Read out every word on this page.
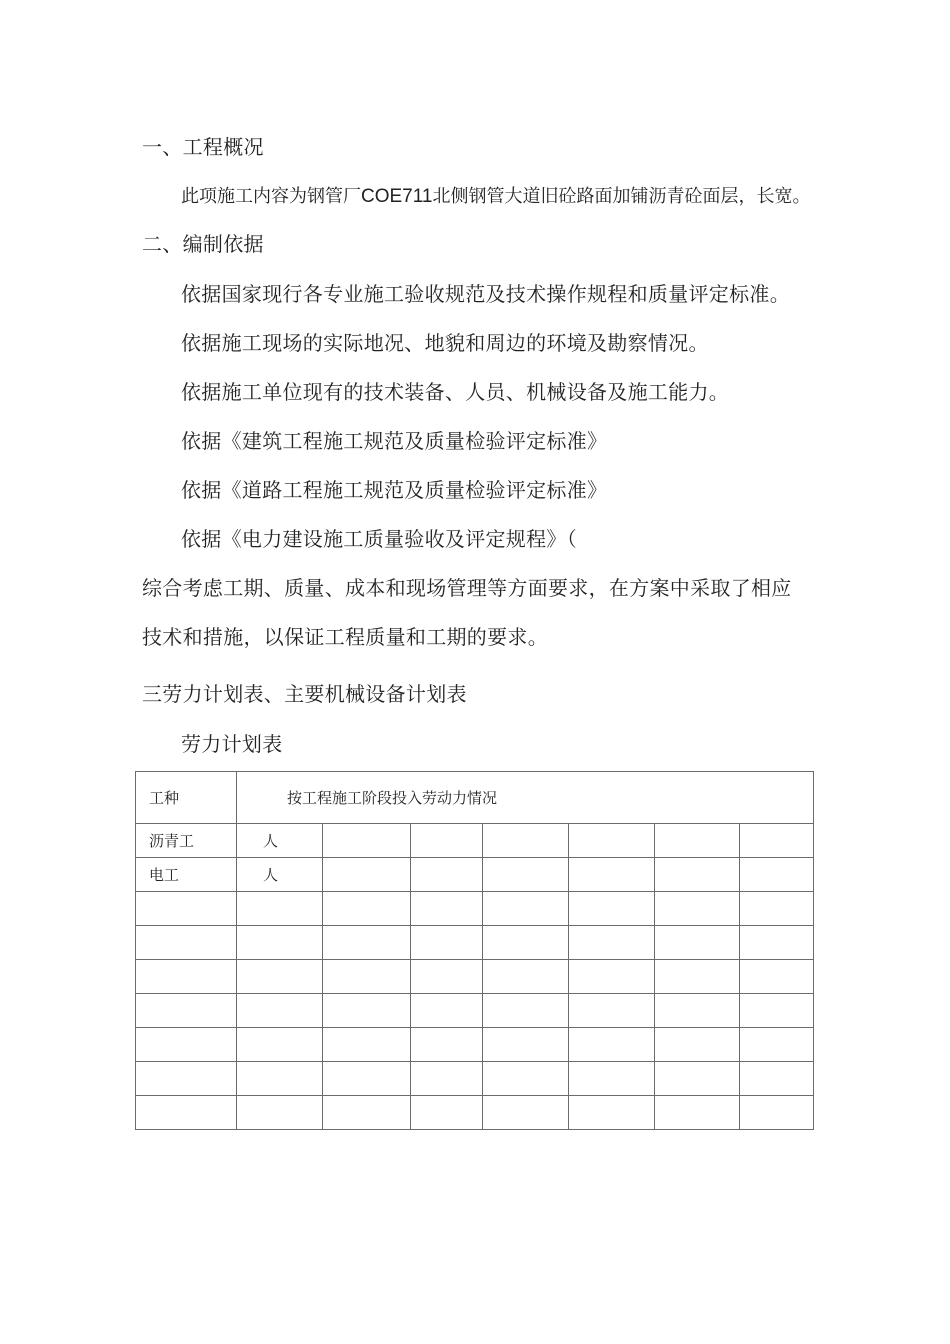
一、工程概况
此项施工内容为钢管厂COE711北侧钢管大道旧砼路面加铺沥青砼面层，长宽。
二、编制依据
依据国家现行各专业施工验收规范及技术操作规程和质量评定标准。
依据施工现场的实际地况、地貌和周边的环境及勘察情况。
依据施工单位现有的技术装备、人员、机械设备及施工能力。
依据《建筑工程施工规范及质量检验评定标准》
依据《道路工程施工规范及质量检验评定标准》
依据《电力建设施工质量验收及评定规程》（
综合考虑工期、质量、成本和现场管理等方面要求，在方案中采取了相应
技术和措施，以保证工程质量和工期的要求。
三劳力计划表、主要机械设备计划表
劳力计划表
工种	按工程施工阶段投入劳动力情况						
沥青工	人						
电工	人						
